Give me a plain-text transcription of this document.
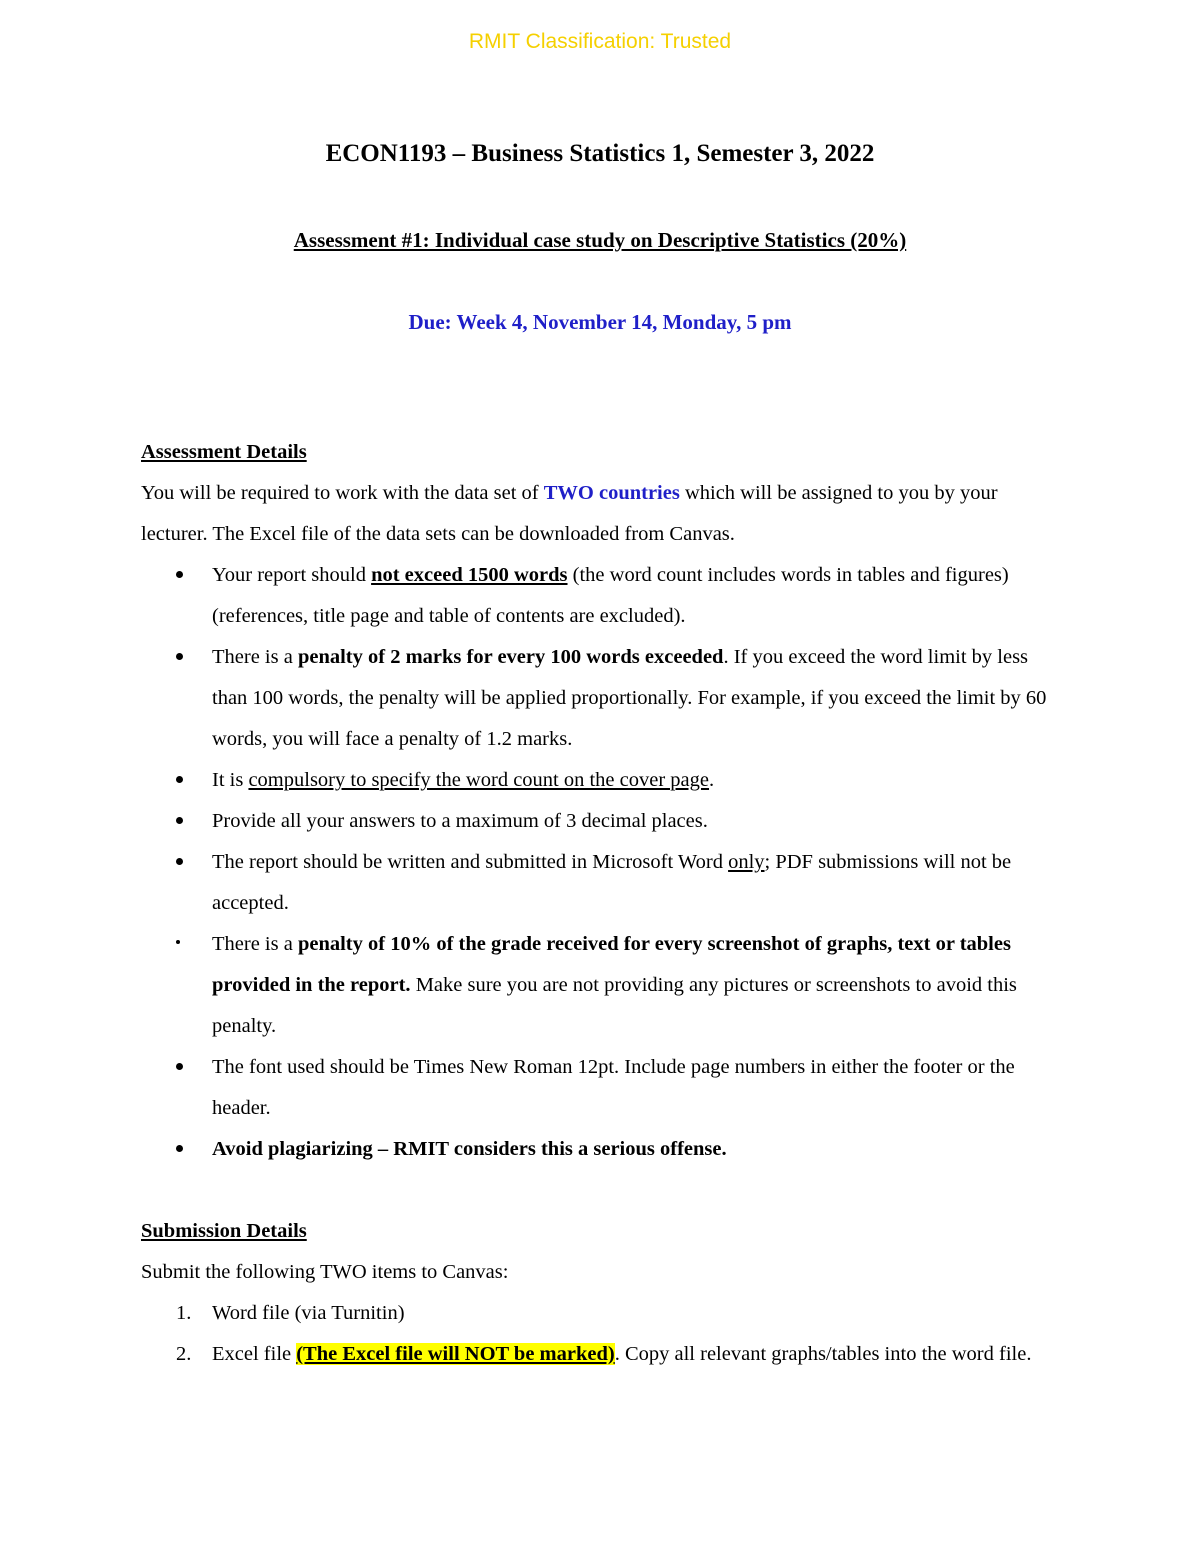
RMIT Classification: Trusted
ECON1193 – Business Statistics 1, Semester 3, 2022
Assessment #1: Individual case study on Descriptive Statistics (20%)
Due: Week 4, November 14, Monday, 5 pm

Assessment Details

You will be required to work with the data set of TWO countries which will be assigned to you by your lecturer. The Excel file of the data sets can be downloaded from Canvas.

Your report should not exceed 1500 words (the word count includes words in tables and figures) (references, title page and table of contents are excluded).
There is a penalty of 2 marks for every 100 words exceeded. If you exceed the word limit by less than 100 words, the penalty will be applied proportionally. For example, if you exceed the limit by 60 words, you will face a penalty of 1.2 marks.
It is compulsory to specify the word count on the cover page.
Provide all your answers to a maximum of 3 decimal places.
The report should be written and submitted in Microsoft Word only; PDF submissions will not be accepted.
There is a penalty of 10% of the grade received for every screenshot of graphs, text or tables provided in the report. Make sure you are not providing any pictures or screenshots to avoid this penalty.
The font used should be Times New Roman 12pt. Include page numbers in either the footer or the header.
Avoid plagiarizing – RMIT considers this a serious offense.

Submission Details

Submit the following TWO items to Canvas:

1. Word file (via Turnitin)
2. Excel file (The Excel file will NOT be marked). Copy all relevant graphs/tables into the word file.
